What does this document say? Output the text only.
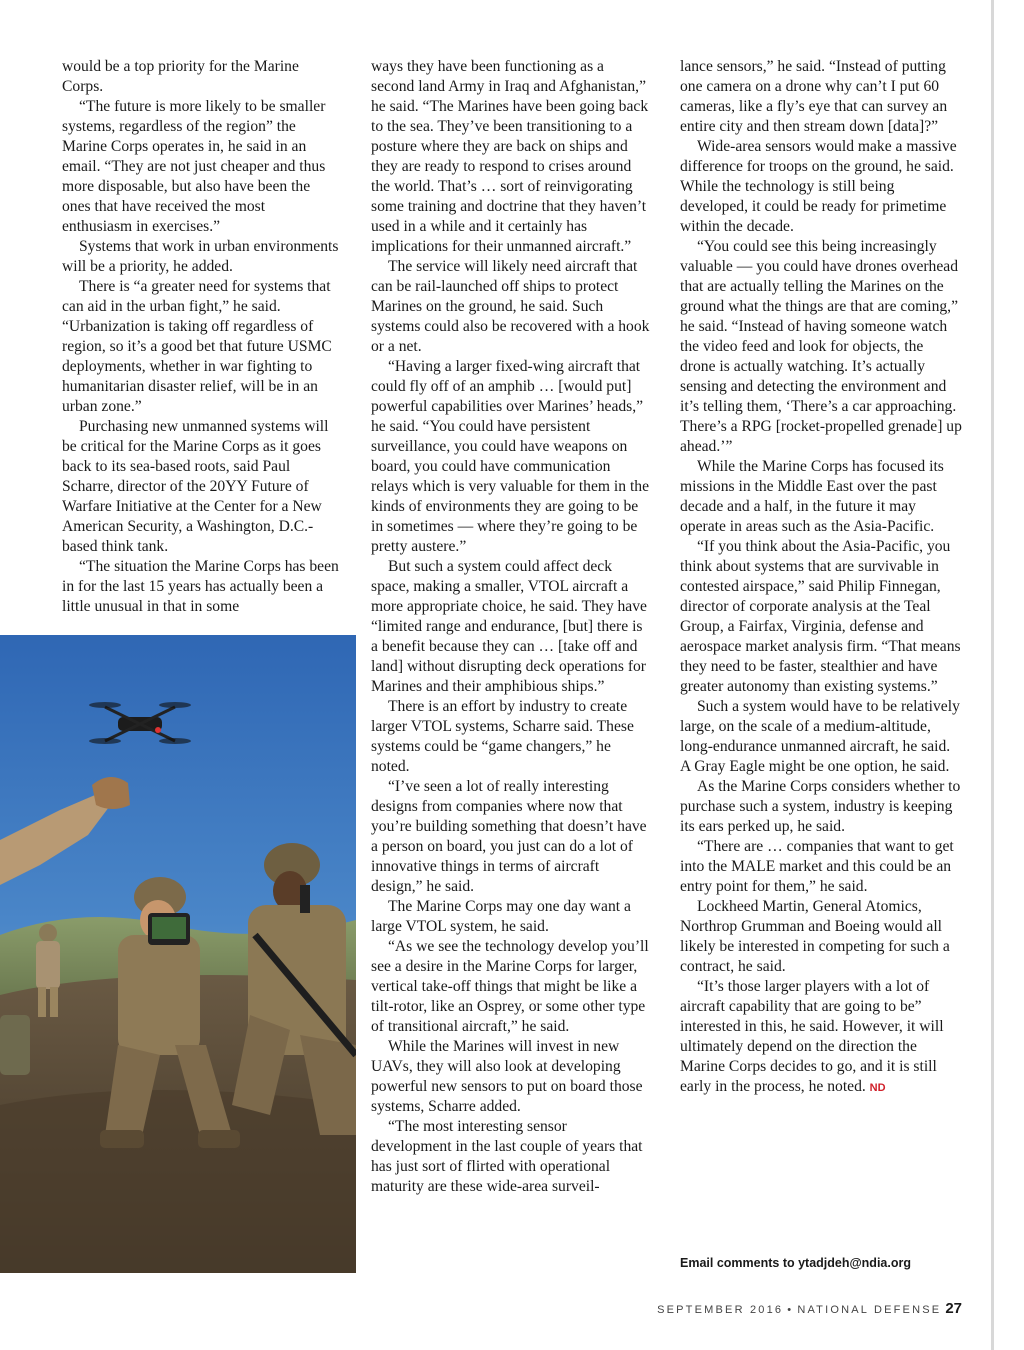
would be a top priority for the Marine Corps.

“The future is more likely to be smaller systems, regardless of the region” the Marine Corps operates in, he said in an email. “They are not just cheaper and thus more disposable, but also have been the ones that have received the most enthusiasm in exercises.”

Systems that work in urban environments will be a priority, he added.

There is “a greater need for systems that can aid in the urban fight,” he said. “Urbanization is taking off regardless of region, so it’s a good bet that future USMC deployments, whether in war fighting to humanitarian disaster relief, will be in an urban zone.”

Purchasing new unmanned systems will be critical for the Marine Corps as it goes back to its sea-based roots, said Paul Scharre, director of the 20YY Future of Warfare Initiative at the Center for a New American Security, a Washington, D.C.-based think tank.

“The situation the Marine Corps has been in for the last 15 years has actually been a little unusual in that in some

ways they have been functioning as a second land Army in Iraq and Afghanistan,” he said. “The Marines have been going back to the sea. They’ve been transitioning to a posture where they are back on ships and they are ready to respond to crises around the world. That’s … sort of reinvigorating some training and doctrine that they haven’t used in a while and it certainly has implications for their unmanned aircraft.”

The service will likely need aircraft that can be rail-launched off ships to protect Marines on the ground, he said. Such systems could also be recovered with a hook or a net.

“Having a larger fixed-wing aircraft that could fly off of an amphib … [would put] powerful capabilities over Marines’ heads,” he said. “You could have persistent surveillance, you could have weapons on board, you could have communication relays which is very valuable for them in the kinds of environments they are going to be in sometimes — where they’re going to be pretty austere.”

But such a system could affect deck space, making a smaller, VTOL aircraft a more appropriate choice, he said. They have “limited range and endurance, [but] there is a benefit because they can … [take off and land] without disrupting deck operations for Marines and their amphibious ships.”

There is an effort by industry to create larger VTOL systems, Scharre said. These systems could be “game changers,” he noted.

“I’ve seen a lot of really interesting designs from companies where now that you’re building something that doesn’t have a person on board, you just can do a lot of innovative things in terms of aircraft design,” he said.

The Marine Corps may one day want a large VTOL system, he said.

“As we see the technology develop you’ll see a desire in the Marine Corps for larger, vertical take-off things that might be like a tilt-rotor, like an Osprey, or some other type of transitional aircraft,” he said.

While the Marines will invest in new UAVs, they will also look at developing powerful new sensors to put on board those systems, Scharre added.

“The most interesting sensor development in the last couple of years that has just sort of flirted with operational maturity are these wide-area surveil-

lance sensors,” he said. “Instead of putting one camera on a drone why can’t I put 60 cameras, like a fly’s eye that can survey an entire city and then stream down [data]?”

Wide-area sensors would make a massive difference for troops on the ground, he said. While the technology is still being developed, it could be ready for primetime within the decade.

“You could see this being increasingly valuable — you could have drones overhead that are actually telling the Marines on the ground what the things are that are coming,” he said. “Instead of having someone watch the video feed and look for objects, the drone is actually watching. It’s actually sensing and detecting the environment and it’s telling them, ‘There’s a car approaching. There’s a RPG [rocket-propelled grenade] up ahead.’”

While the Marine Corps has focused its missions in the Middle East over the past decade and a half, in the future it may operate in areas such as the Asia-Pacific.

“If you think about the Asia-Pacific, you think about systems that are survivable in contested airspace,” said Philip Finnegan, director of corporate analysis at the Teal Group, a Fairfax, Virginia, defense and aerospace market analysis firm. “That means they need to be faster, stealthier and have greater autonomy than existing systems.”

Such a system would have to be relatively large, on the scale of a medium-altitude, long-endurance unmanned aircraft, he said. A Gray Eagle might be one option, he said.

As the Marine Corps considers whether to purchase such a system, industry is keeping its ears perked up, he said.

“There are … companies that want to get into the MALE market and this could be an entry point for them,” he said.

Lockheed Martin, General Atomics, Northrop Grumman and Boeing would all likely be interested in competing for such a contract, he said.

“It’s those larger players with a lot of aircraft capability that are going to be” interested in this, he said. However, it will ultimately depend on the direction the Marine Corps decides to go, and it is still early in the process, he noted. ND

Email comments to ytadjdeh@ndia.org
SEPTEMBER 2016 • NATIONAL DEFENSE 27
